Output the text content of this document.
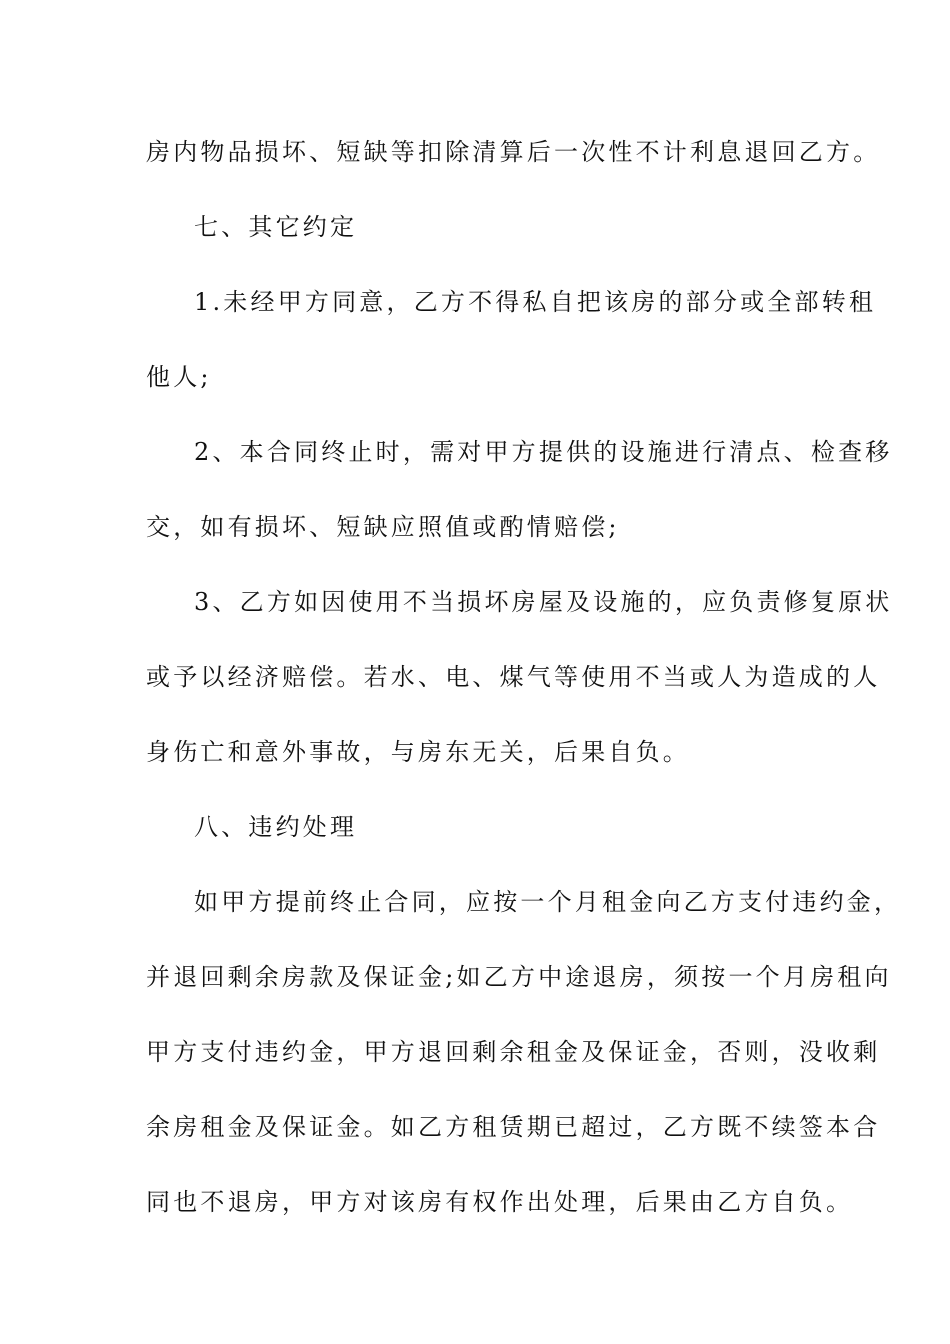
房内物品损坏、短缺等扣除清算后一次性不计利息退回乙方。
七、其它约定
1.未经甲方同意，乙方不得私自把该房的部分或全部转租
他人;
2、本合同终止时，需对甲方提供的设施进行清点、检查移
交，如有损坏、短缺应照值或酌情赔偿;
3、乙方如因使用不当损坏房屋及设施的，应负责修复原状
或予以经济赔偿。若水、电、煤气等使用不当或人为造成的人
身伤亡和意外事故，与房东无关，后果自负。
八、违约处理
如甲方提前终止合同，应按一个月租金向乙方支付违约金，
并退回剩余房款及保证金;如乙方中途退房，须按一个月房租向
甲方支付违约金，甲方退回剩余租金及保证金，否则，没收剩
余房租金及保证金。如乙方租赁期已超过，乙方既不续签本合
同也不退房，甲方对该房有权作出处理，后果由乙方自负。
